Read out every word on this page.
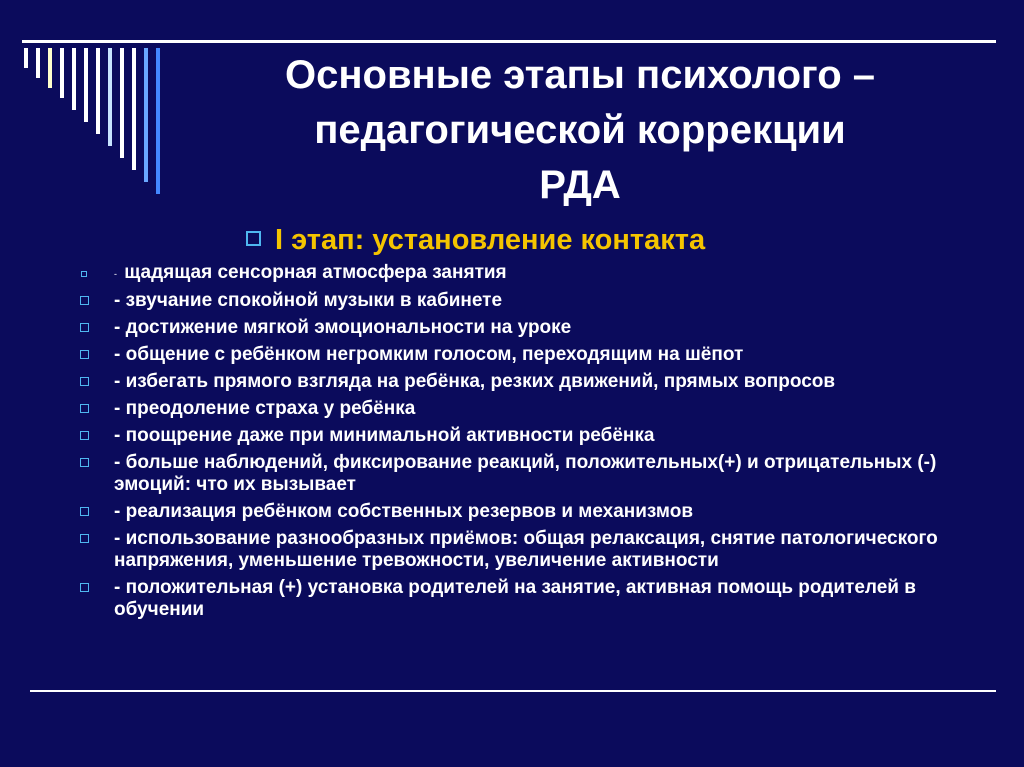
Основные этапы психолого –
педагогической коррекции
РДА
I этап: установление контакта
- щадящая сенсорная атмосфера занятия
- звучание спокойной музыки в кабинете
- достижение мягкой эмоциональности на уроке
- общение с ребёнком негромким голосом, переходящим на шёпот
- избегать прямого взгляда на ребёнка, резких движений, прямых вопросов
- преодоление страха у ребёнка
- поощрение даже при минимальной активности ребёнка
- больше наблюдений, фиксирование реакций, положительных(+) и отрицательных (-) эмоций: что их вызывает
- реализация ребёнком собственных резервов и механизмов
- использование разнообразных приёмов: общая релаксация, снятие патологического напряжения, уменьшение тревожности, увеличение активности
- положительная (+) установка родителей на занятие, активная помощь родителей в обучении
